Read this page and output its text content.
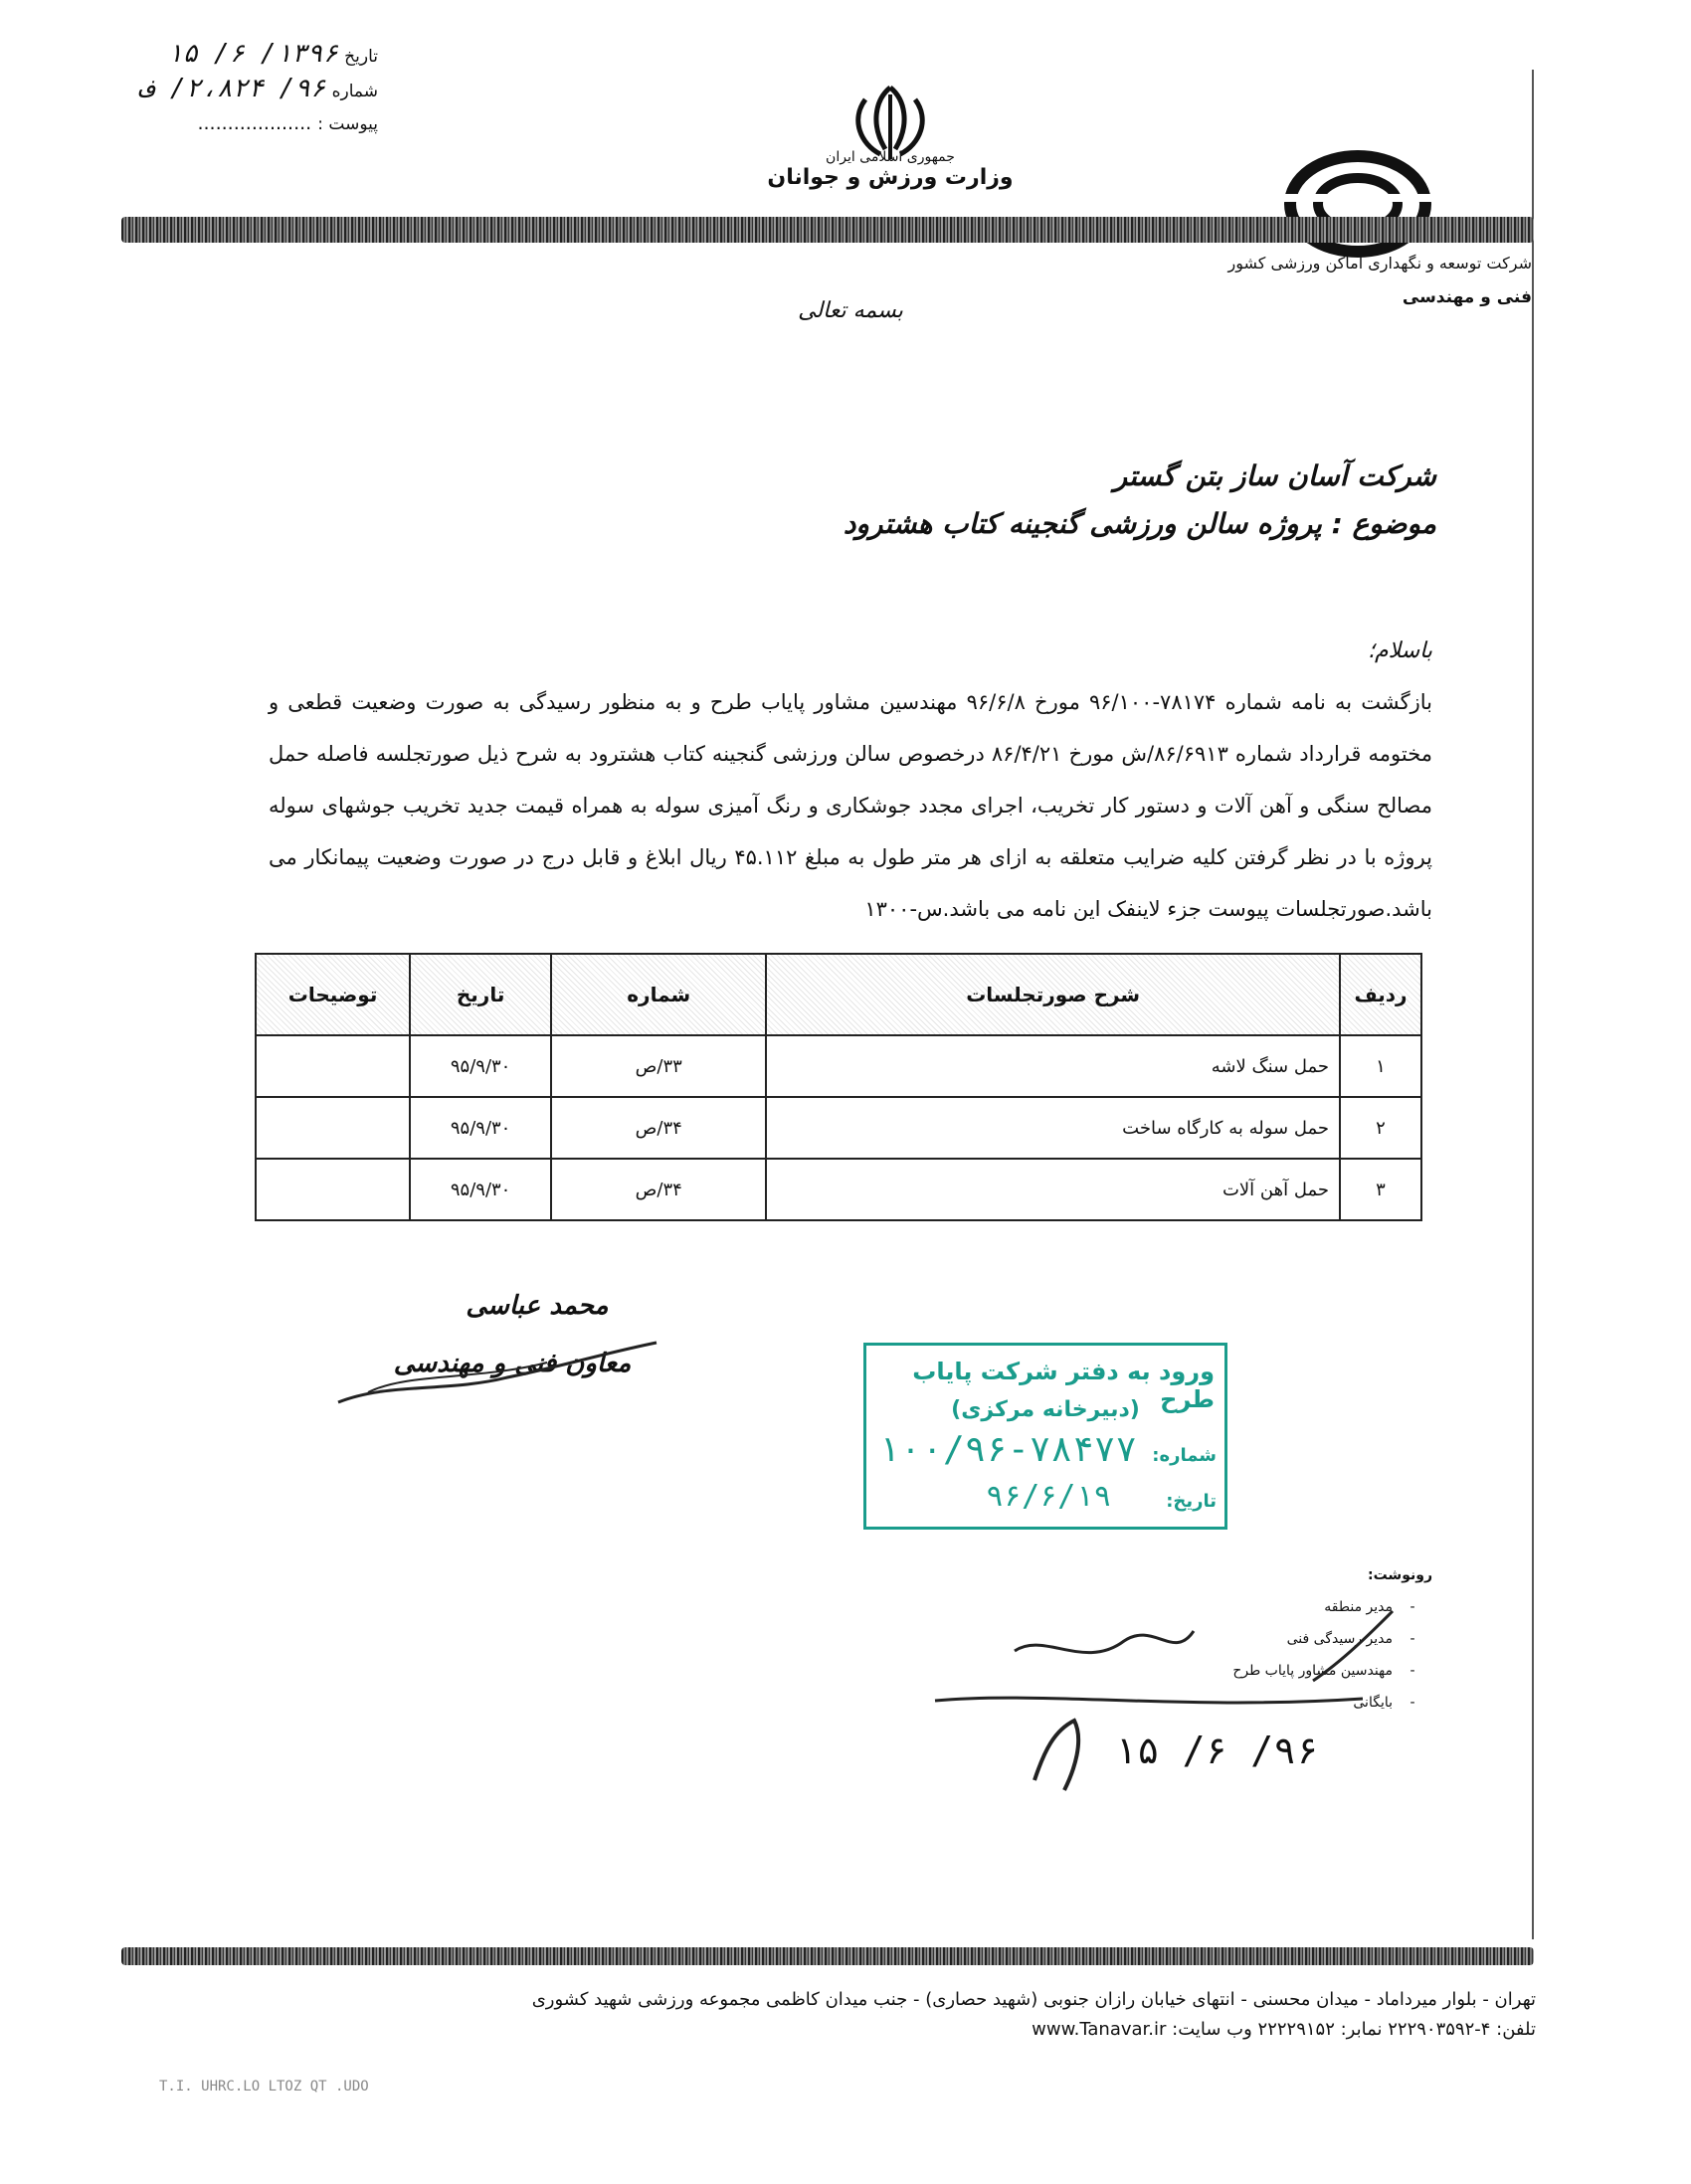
تاریخ ۱۳۹۶/ ۶/ ۱۵
شماره ۹۶/ ۲،۸۲۴/ ف
پیوست : ...................
جمهوری اسلامی ایران
وزارت ورزش و جوانان
شرکت توسعه و نگهداری اماکن ورزشی کشور
فنی و مهندسی
بسمه تعالی
شرکت آسان ساز بتن گستر
موضوع : پروژه سالن ورزشی گنجینه کتاب هشترود
باسلام؛
بازگشت به نامه شماره ۷۸۱۷۴-۹۶/۱۰۰ مورخ ۹۶/۶/۸ مهندسین مشاور پایاب طرح و به منظور رسیدگی به صورت وضعیت قطعی و مختومه قرارداد شماره ۸۶/۶۹۱۳/ش مورخ ۸۶/۴/۲۱ درخصوص سالن ورزشی گنجینه کتاب هشترود به شرح ذیل صورتجلسه فاصله حمل مصالح سنگی و آهن آلات و دستور کار تخریب، اجرای مجدد جوشکاری و رنگ آمیزی سوله به همراه قیمت جدید تخریب جوشهای سوله پروژه با در نظر گرفتن کلیه ضرایب متعلقه به ازای هر متر طول به مبلغ ۴۵.۱۱۲ ریال ابلاغ و قابل درج در صورت وضعیت پیمانکار می باشد.صورتجلسات پیوست جزء لاینفک این نامه می باشد.س-۱۳۰۰
ردیف	شرح صورتجلسات	شماره	تاریخ	توضیحات
۱	حمل سنگ لاشه	۳۳/ص	۹۵/۹/۳۰	
۲	حمل سوله به کارگاه ساخت	۳۴/ص	۹۵/۹/۳۰	
۳	حمل آهن آلات	۳۴/ص	۹۵/۹/۳۰	
محمد عباسی
معاون فنی و مهندسی	ورود به دفتر شرکت پایاب طرح
(دبیرخانه مرکزی)
شماره:
۱۰۰/۹۶-۷۸۴۷۷
تاریخ:
۹۶/۶/۱۹
رونوشت:
-مدیر منطقه
-مدیر رسیدگی فنی
-مهندسین مشاور پایاب طرح
-بایگانی
۹۶/ ۶/ ۱۵
تهران - بلوار میرداماد - میدان محسنی - انتهای خیابان رازان جنوبی (شهید حصاری) - جنب میدان کاظمی مجموعه ورزشی شهید کشوری
تلفن: ۴-۲۲۲۹۰۳۵۹۲ نمابر: ۲۲۲۲۹۱۵۲ وب سایت: www.Tanavar.ir
T.I. UHRC.LO LTOZ QT .UDO
